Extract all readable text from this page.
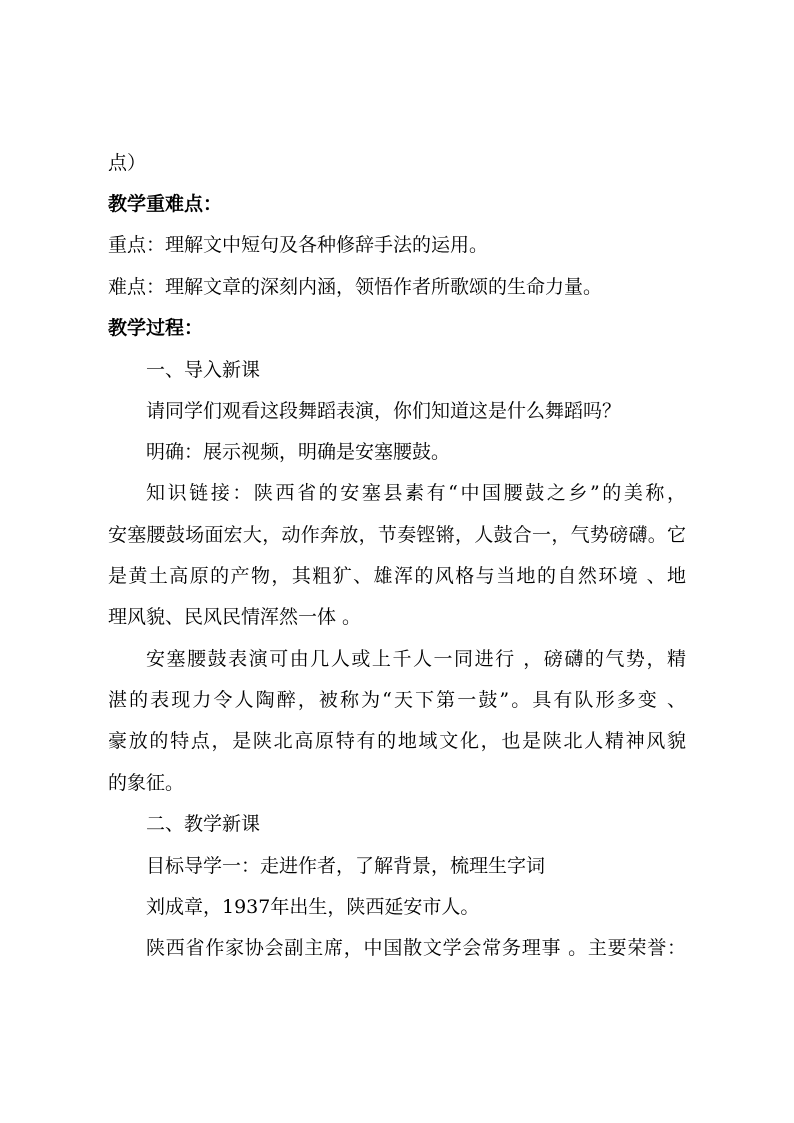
点）
教学重难点：
重点：理解文中短句及各种修辞手法的运用。
难点：理解文章的深刻内涵，领悟作者所歌颂的生命力量。
教学过程：
一、导入新课
请同学们观看这段舞蹈表演，你们知道这是什么舞蹈吗？
明确：展示视频，明确是安塞腰鼓。
知识链接：陕西省的安塞县素有“中国腰鼓之乡”的美称，
安塞腰鼓场面宏大，动作奔放，节奏铿锵，人鼓合一，气势磅礴。它
是黄土高原的产物，其粗犷、雄浑的风格与当地的自然环境 、地
理风貌、民风民情浑然一体 。
安塞腰鼓表演可由几人或上千人一同进行 ，磅礴的气势，精
湛的表现力令人陶醉，被称为“天下第一鼓”。具有队形多变 、
豪放的特点，是陕北高原特有的地域文化，也是陕北人精神风貌
的象征。
二、教学新课
目标导学一：走进作者，了解背景，梳理生字词
刘成章，1937年出生，陕西延安市人。
陕西省作家协会副主席，中国散文学会常务理事 。主要荣誉：
